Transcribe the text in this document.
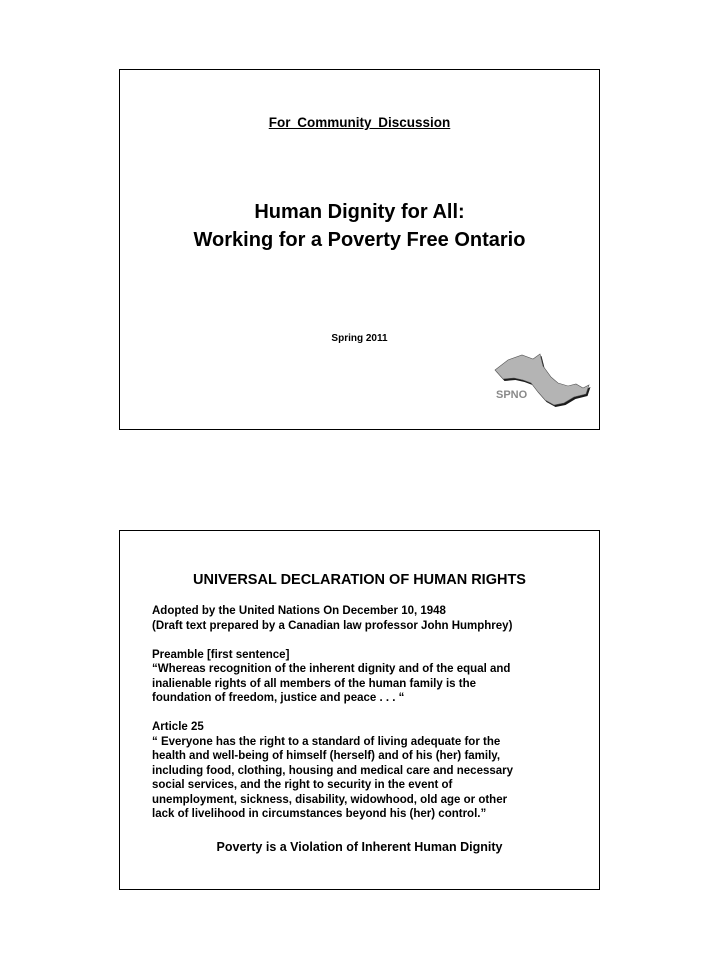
For Community Discussion
Human Dignity for All:
Working for a Poverty Free Ontario
Spring 2011
SPNO
UNIVERSAL DECLARATION OF HUMAN RIGHTS
Adopted by the United Nations On December 10, 1948
(Draft text prepared by a Canadian law professor John Humphrey)
Preamble [first sentence]
“Whereas recognition of the inherent dignity and of the equal and
inalienable rights of all members of the human family is the
foundation of freedom, justice and peace . . . “
Article 25
“ Everyone has the right to a standard of living adequate for the
health and well-being of himself (herself) and of his (her) family,
including food, clothing, housing and medical care and necessary
social services, and the right to security in the event of
unemployment, sickness, disability, widowhood, old age or other
lack of livelihood in circumstances beyond his (her) control.”
Poverty is a Violation of Inherent Human Dignity
